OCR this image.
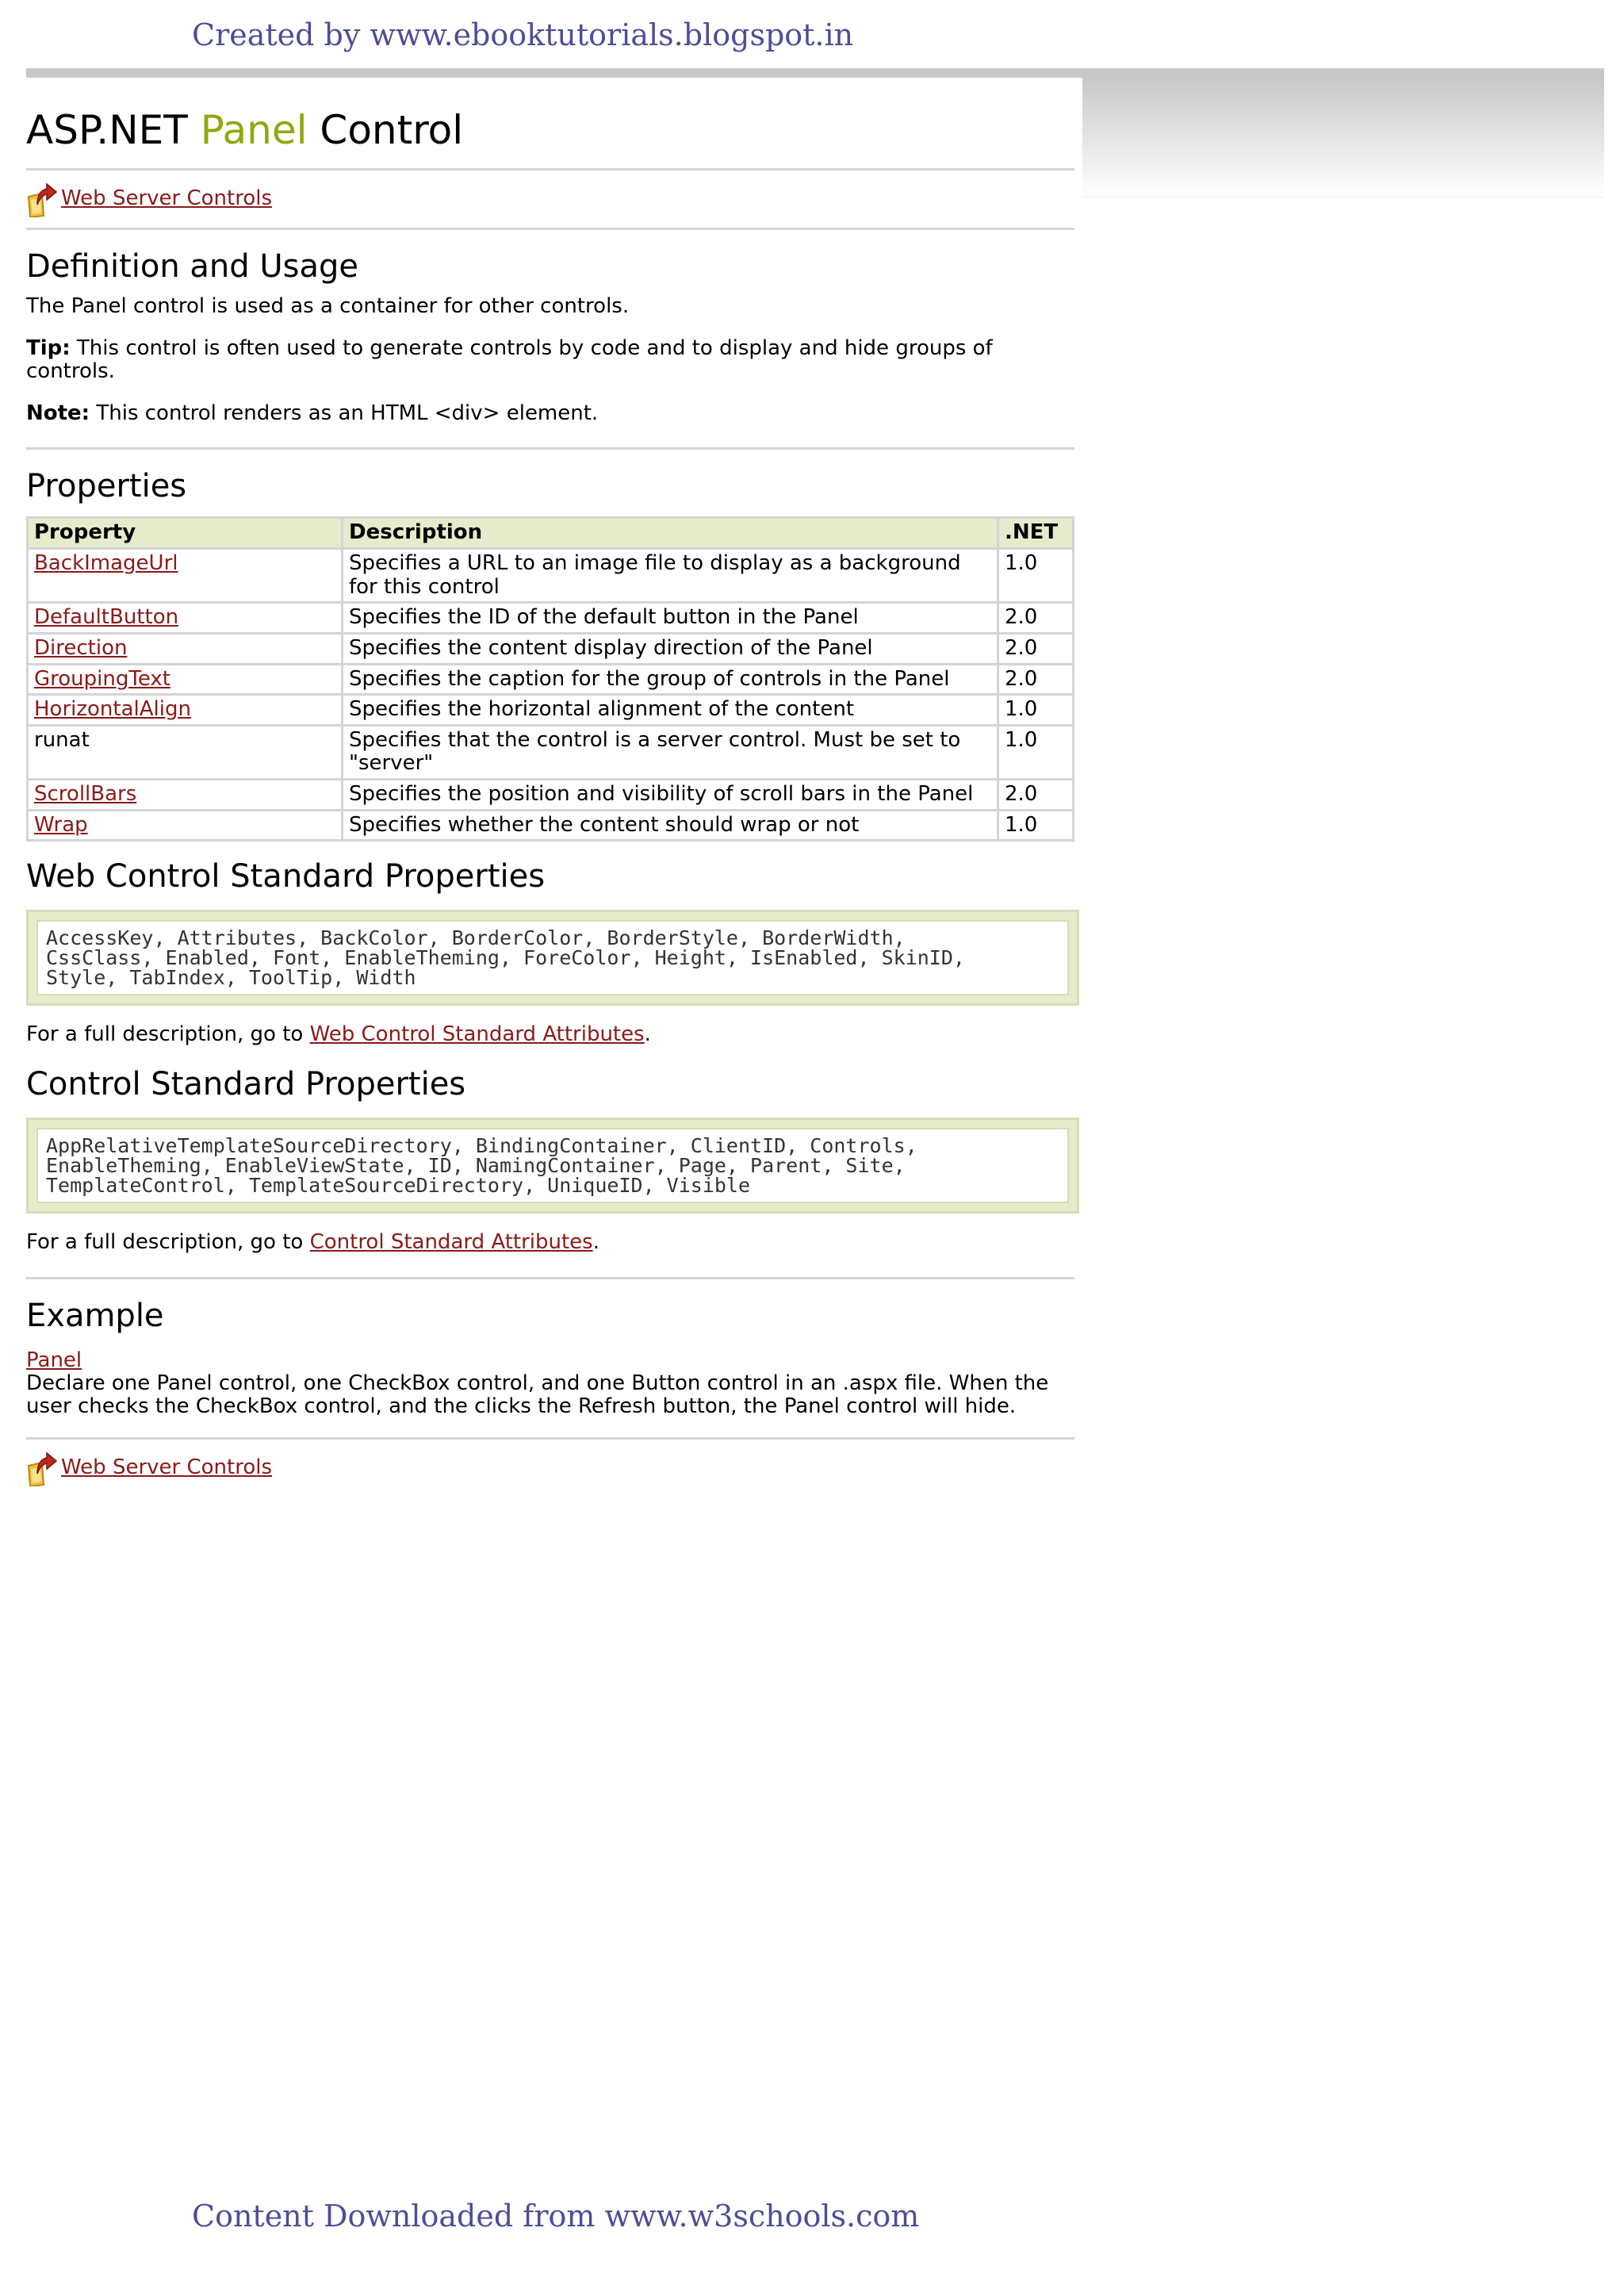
Created by www.ebooktutorials.blogspot.in
ASP.NET Panel Control
Web Server Controls
Definition and Usage

The Panel control is used as a container for other controls.

Tip: This control is often used to generate controls by code and to display and hide groups of controls.

Note: This control renders as an HTML <div> element.

Properties
Property	Description	.NET
BackImageUrl	Specifies a URL to an image file to display as a background for this control	1.0
DefaultButton	Specifies the ID of the default button in the Panel	2.0
Direction	Specifies the content display direction of the Panel	2.0
GroupingText	Specifies the caption for the group of controls in the Panel	2.0
HorizontalAlign	Specifies the horizontal alignment of the content	1.0
runat	Specifies that the control is a server control. Must be set to "server"	1.0
ScrollBars	Specifies the position and visibility of scroll bars in the Panel	2.0
Wrap	Specifies whether the content should wrap or not	1.0
Web Control Standard Properties
AccessKey, Attributes, BackColor, BorderColor, BorderStyle, BorderWidth,
CssClass, Enabled, Font, EnableTheming, ForeColor, Height, IsEnabled, SkinID,
Style, TabIndex, ToolTip, Width

For a full description, go to Web Control Standard Attributes.

Control Standard Properties
AppRelativeTemplateSourceDirectory, BindingContainer, ClientID, Controls,
EnableTheming, EnableViewState, ID, NamingContainer, Page, Parent, Site,
TemplateControl, TemplateSourceDirectory, UniqueID, Visible

For a full description, go to Control Standard Attributes.

Example

Panel

Declare one Panel control, one CheckBox control, and one Button control in an .aspx file. When the user checks the CheckBox control, and the clicks the Refresh button, the Panel control will hide.

Web Server Controls
Content Downloaded from www.w3schools.com
